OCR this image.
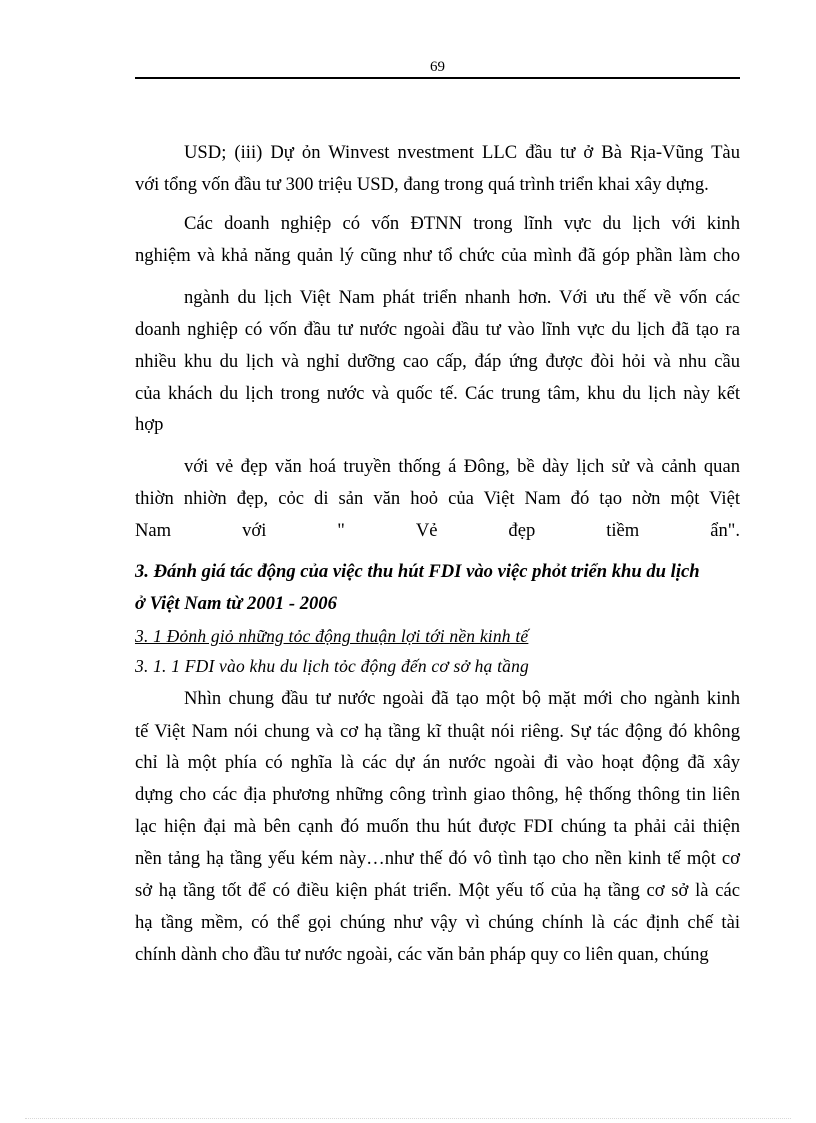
69
USD; (iii) Dự ỏn Winvest nvestment LLC đầu tư ở Bà Rịa-Vũng Tàu
với tổng vốn đầu tư 300 triệu USD, đang trong quá trình triển khai xây dựng.
Các doanh nghiệp có vốn ĐTNN trong lĩnh vực du lịch với kinh
nghiệm và khả năng quản lý cũng như tổ chức của mình đã góp phần làm cho
ngành du lịch Việt Nam phát triển nhanh hơn. Với ưu thế về vốn các
doanh nghiệp có vốn đầu tư nước ngoài đầu tư vào lĩnh vực du lịch đã tạo ra
nhiều khu du lịch và nghỉ dưỡng cao cấp, đáp ứng được đòi hỏi và nhu cầu
của khách du lịch trong nước và quốc tế. Các trung tâm, khu du lịch này kết
hợp
với vẻ đẹp văn hoá truyền thống á Đông, bề dày lịch sử và cảnh quan
thiờn nhiờn đẹp, cỏc di sản văn hoỏ của Việt Nam đó tạo nờn một Việt
Nam	với	"	Vẻ	đẹp	tiềm	ẩn".
3. Đánh giá tác động của việc thu hút FDI vào việc phỏt triển khu du lịch
ở Việt Nam từ 2001 - 2006
3. 1 Đỏnh giỏ những tỏc động thuận lợi tới nền kinh tế
3. 1. 1 FDI vào khu du lịch tỏc động đến cơ sở hạ tầng
Nhìn chung đầu tư nước ngoài đã tạo một bộ mặt mới cho ngành kinh
tế Việt Nam nói chung và cơ hạ tầng kĩ thuật nói riêng. Sự tác động đó không
chỉ là một phía có nghĩa là các dự án nước ngoài đi vào hoạt động đã xây
dựng cho các địa phương những công trình giao thông, hệ thống thông tin liên
lạc hiện đại mà bên cạnh đó muốn thu hút được FDI chúng ta phải cải thiện
nền tảng hạ tầng yếu kém này…như thế đó vô tình tạo cho nền kinh tế một cơ
sở hạ tầng tốt để có điều kiện phát triển. Một yếu tố của hạ tầng cơ sở là các
hạ tầng mềm, có thể gọi chúng như vậy vì chúng chính là các định chế tài
chính dành cho đầu tư nước ngoài, các văn bản pháp quy co liên quan, chúng
